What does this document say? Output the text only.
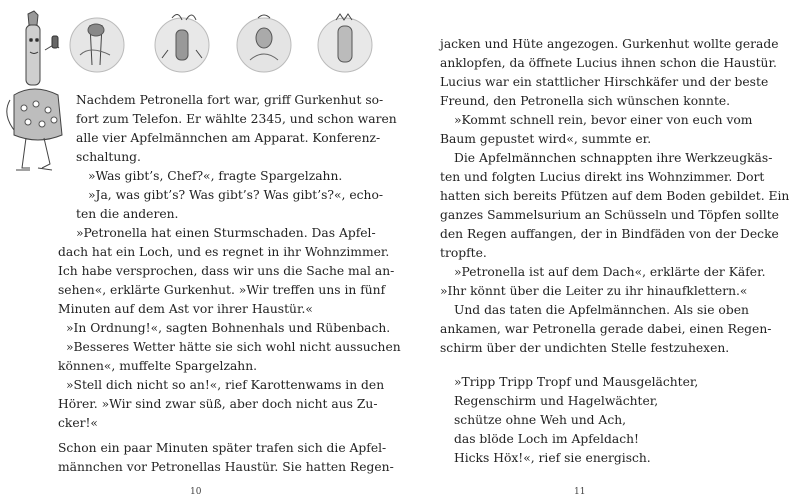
Nachdem Petronella fort war, griff Gurkenhut so-
fort zum Telefon. Er wählte 2345, und schon waren
alle vier Apfelmännchen am Apparat. Konferenz-
schaltung.
»Was gibt’s, Chef?«, fragte Spargelzahn.
»Ja, was gibt’s? Was gibt’s? Was gibt’s?«, echo-
ten die anderen.
»Petronella hat einen Sturmschaden. Das Apfel-
dach hat ein Loch, und es regnet in ihr Wohnzimmer.
Ich habe versprochen, dass wir uns die Sache mal an-
sehen«, erklärte Gurkenhut. »Wir treffen uns in fünf
Minuten auf dem Ast vor ihrer Haustür.«
»In Ordnung!«, sagten Bohnenhals und Rübenbach.
»Besseres Wetter hätte sie sich wohl nicht aussuchen
können«, muffelte Spargelzahn.
»Stell dich nicht so an!«, rief Karottenwams in den
Hörer. »Wir sind zwar süß, aber doch nicht aus Zu-
cker!«
Schon ein paar Minuten später trafen sich die Apfel-
männchen vor Petronellas Haustür. Sie hatten Regen-
10
jacken und Hüte angezogen. Gurkenhut wollte gerade
anklopfen, da öffnete Lucius ihnen schon die Haustür.
Lucius war ein stattlicher Hirschkäfer und der beste
Freund, den Petronella sich wünschen konnte.
»Kommt schnell rein, bevor einer von euch vom
Baum gepustet wird«, summte er.
Die Apfelmännchen schnappten ihre Werkzeugkäs-
ten und folgten Lucius direkt ins Wohnzimmer. Dort
hatten sich bereits Pfützen auf dem Boden gebildet. Ein
ganzes Sammelsurium an Schüsseln und Töpfen sollte
den Regen auffangen, der in Bindfäden von der Decke
tropfte.
»Petronella ist auf dem Dach«, erklärte der Käfer.
»Ihr könnt über die Leiter zu ihr hinaufklettern.«
Und das taten die Apfelmännchen. Als sie oben
ankamen, war Petronella gerade dabei, einen Regen-
schirm über der undichten Stelle festzuhexen.
»Tripp Tripp Tropf und Mausgelächter,
Regenschirm und Hagelwächter,
schütze ohne Weh und Ach,
das blöde Loch im Apfeldach!
Hicks Höx!«, rief sie energisch.
11
